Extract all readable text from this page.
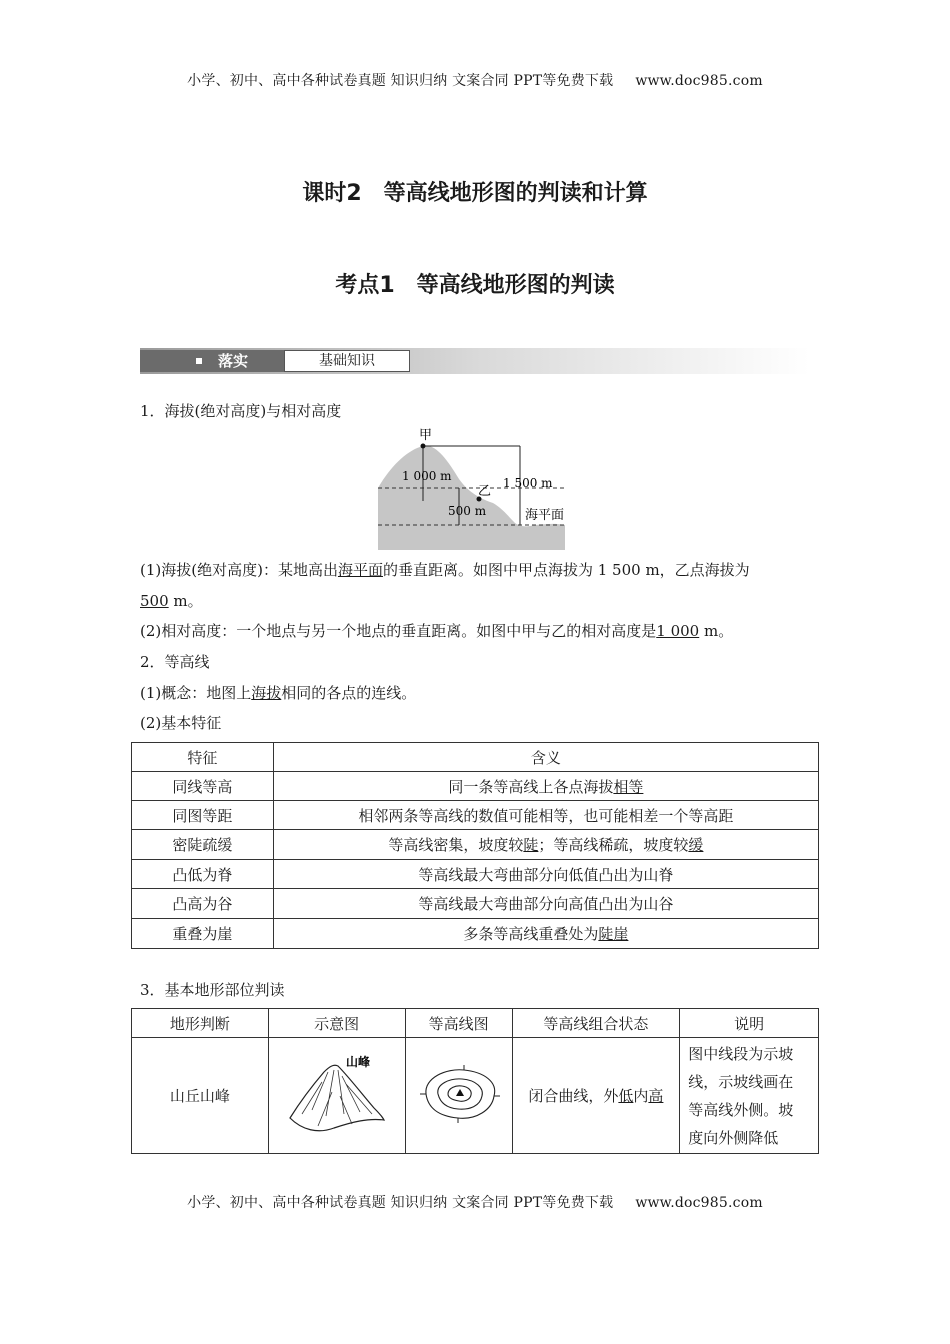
小学、初中、高中各种试卷真题 知识归纳 文案合同 PPT等免费下载 www.doc985.com
课时2　等高线地形图的判读和计算
考点1　等高线地形图的判读
落实	基础知识
1．海拔(绝对高度)与相对高度
甲
乙
1 000 m	1 500 m
500 m	海平面
(1)海拔(绝对高度)：某地高出海平面的垂直距离。如图中甲点海拔为 1 500 m，乙点海拔为
500 m。
(2)相对高度：一个地点与另一个地点的垂直距离。如图中甲与乙的相对高度是1 000 m。
2．等高线
(1)概念：地图上海拔相同的各点的连线。
(2)基本特征
特征	含义
同线等高	同一条等高线上各点海拔相等
同图等距	相邻两条等高线的数值可能相等，也可能相差一个等高距
密陡疏缓	等高线密集，坡度较陡；等高线稀疏，坡度较缓
凸低为脊	等高线最大弯曲部分向低值凸出为山脊
凸高为谷	等高线最大弯曲部分向高值凸出为山谷
重叠为崖	多条等高线重叠处为陡崖
3．基本地形部位判读
地形判断	示意图	等高线图	等高线组合状态	说明
山丘山峰	山峰		闭合曲线，外低内高	图中线段为示坡
线，示坡线画在
等高线外侧。坡
度向外侧降低
小学、初中、高中各种试卷真题 知识归纳 文案合同 PPT等免费下载 www.doc985.com
